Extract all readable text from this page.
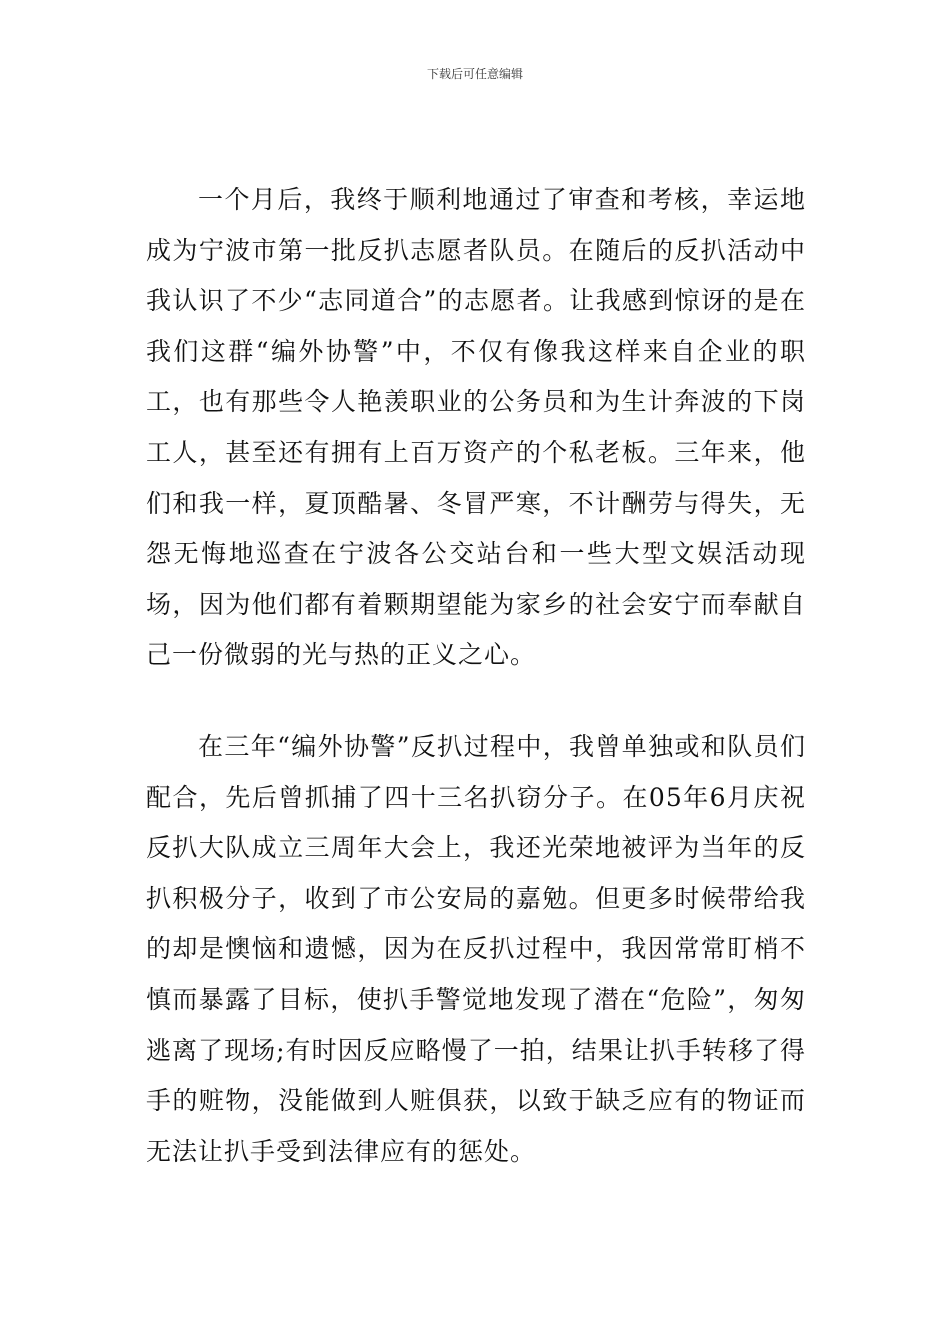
下载后可任意编辑

一个月后，我终于顺利地通过了审查和考核，幸运地成为宁波市第一批反扒志愿者队员。在随后的反扒活动中我认识了不少“志同道合”的志愿者。让我感到惊讶的是在我们这群“编外协警”中，不仅有像我这样来自企业的职工，也有那些令人艳羡职业的公务员和为生计奔波的下岗工人，甚至还有拥有上百万资产的个私老板。三年来，他们和我一样，夏顶酷暑、冬冒严寒，不计酬劳与得失，无怨无悔地巡查在宁波各公交站台和一些大型文娱活动现场，因为他们都有着颗期望能为家乡的社会安宁而奉献自己一份微弱的光与热的正义之心。

在三年“编外协警”反扒过程中，我曾单独或和队员们配合，先后曾抓捕了四十三名扒窃分子。在05年6月庆祝反扒大队成立三周年大会上，我还光荣地被评为当年的反扒积极分子，收到了市公安局的嘉勉。但更多时候带给我的却是懊恼和遗憾，因为在反扒过程中，我因常常盯梢不慎而暴露了目标，使扒手警觉地发现了潜在“危险”，匆匆逃离了现场;有时因反应略慢了一拍，结果让扒手转移了得手的赃物，没能做到人赃俱获，以致于缺乏应有的物证而无法让扒手受到法律应有的惩处。
